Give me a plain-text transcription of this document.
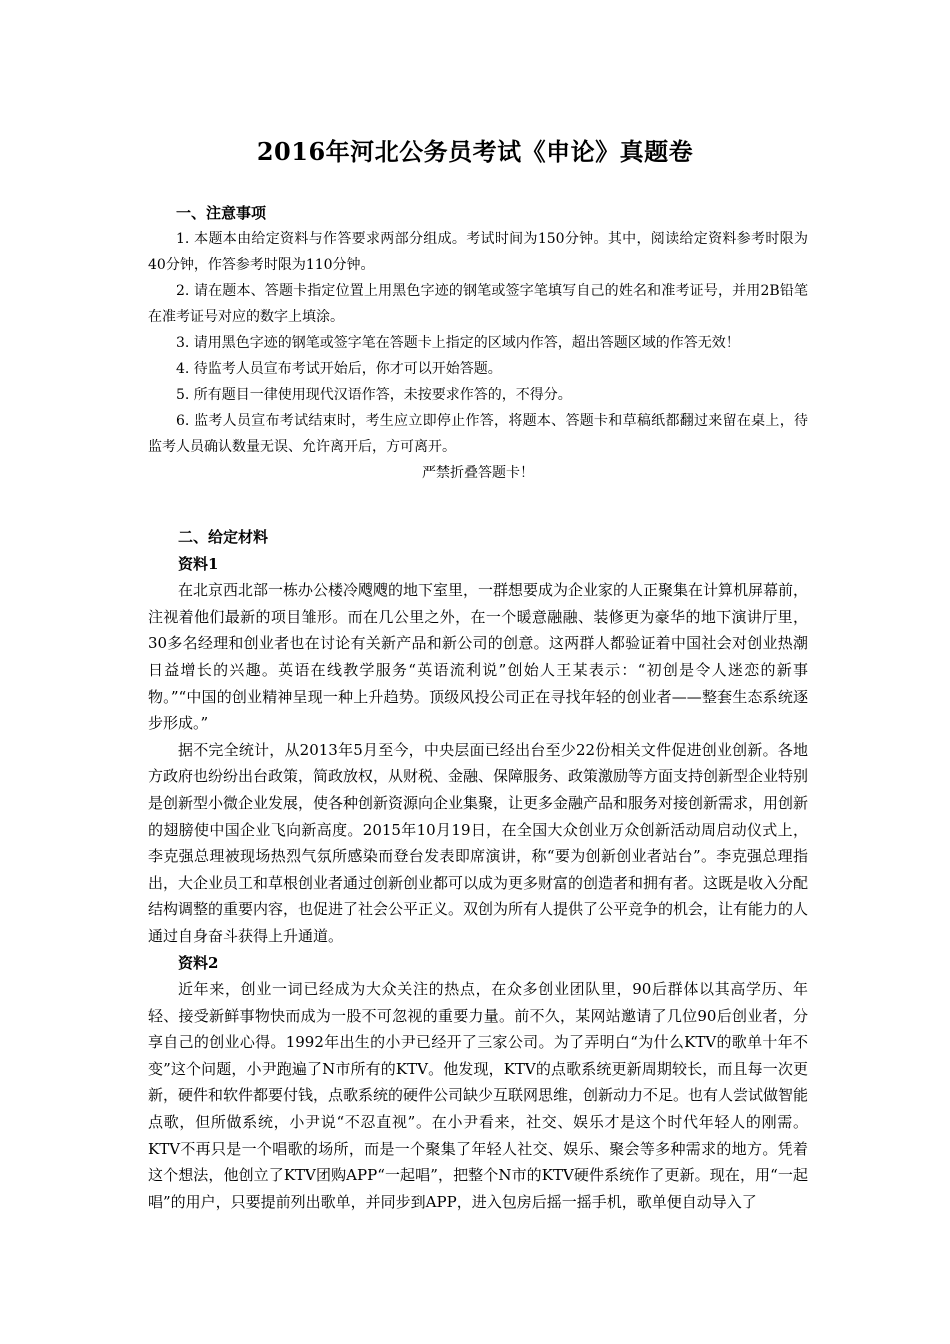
2016年河北公务员考试《申论》真题卷

一、注意事项

1. 本题本由给定资料与作答要求两部分组成。考试时间为150分钟。其中，阅读给定资料参考时限为40分钟，作答参考时限为110分钟。

2. 请在题本、答题卡指定位置上用黑色字迹的钢笔或签字笔填写自己的姓名和准考证号，并用2B铅笔在准考证号对应的数字上填涂。

3. 请用黑色字迹的钢笔或签字笔在答题卡上指定的区域内作答，超出答题区域的作答无效！

4. 待监考人员宣布考试开始后，你才可以开始答题。

5. 所有题目一律使用现代汉语作答，未按要求作答的，不得分。

6. 监考人员宣布考试结束时，考生应立即停止作答，将题本、答题卡和草稿纸都翻过来留在桌上，待监考人员确认数量无误、允许离开后，方可离开。

严禁折叠答题卡！

二、给定材料

资料1

在北京西北部一栋办公楼冷飕飕的地下室里，一群想要成为企业家的人正聚集在计算机屏幕前，注视着他们最新的项目雏形。而在几公里之外，在一个暖意融融、装修更为豪华的地下演讲厅里，30多名经理和创业者也在讨论有关新产品和新公司的创意。这两群人都验证着中国社会对创业热潮日益增长的兴趣。英语在线教学服务“英语流利说”创始人王某表示：“初创是令人迷恋的新事物。”“中国的创业精神呈现一种上升趋势。顶级风投公司正在寻找年轻的创业者——整套生态系统逐步形成。”

据不完全统计，从2013年5月至今，中央层面已经出台至少22份相关文件促进创业创新。各地方政府也纷纷出台政策，简政放权，从财税、金融、保障服务、政策激励等方面支持创新型企业特别是创新型小微企业发展，使各种创新资源向企业集聚，让更多金融产品和服务对接创新需求，用创新的翅膀使中国企业飞向新高度。2015年10月19日，在全国大众创业万众创新活动周启动仪式上，李克强总理被现场热烈气氛所感染而登台发表即席演讲，称“要为创新创业者站台”。李克强总理指出，大企业员工和草根创业者通过创新创业都可以成为更多财富的创造者和拥有者。这既是收入分配结构调整的重要内容，也促进了社会公平正义。双创为所有人提供了公平竞争的机会，让有能力的人通过自身奋斗获得上升通道。

资料2

近年来，创业一词已经成为大众关注的热点，在众多创业团队里，90后群体以其高学历、年轻、接受新鲜事物快而成为一股不可忽视的重要力量。前不久，某网站邀请了几位90后创业者，分享自己的创业心得。1992年出生的小尹已经开了三家公司。为了弄明白“为什么KTV的歌单十年不变”这个问题，小尹跑遍了N市所有的KTV。他发现，KTV的点歌系统更新周期较长，而且每一次更新，硬件和软件都要付钱，点歌系统的硬件公司缺少互联网思维，创新动力不足。也有人尝试做智能点歌，但所做系统，小尹说“不忍直视”。在小尹看来，社交、娱乐才是这个时代年轻人的刚需。KTV不再只是一个唱歌的场所，而是一个聚集了年轻人社交、娱乐、聚会等多种需求的地方。凭着这个想法，他创立了KTV团购APP“一起唱”，把整个N市的KTV硬件系统作了更新。现在，用“一起唱”的用户，只要提前列出歌单，并同步到APP，进入包房后摇一摇手机，歌单便自动导入了
